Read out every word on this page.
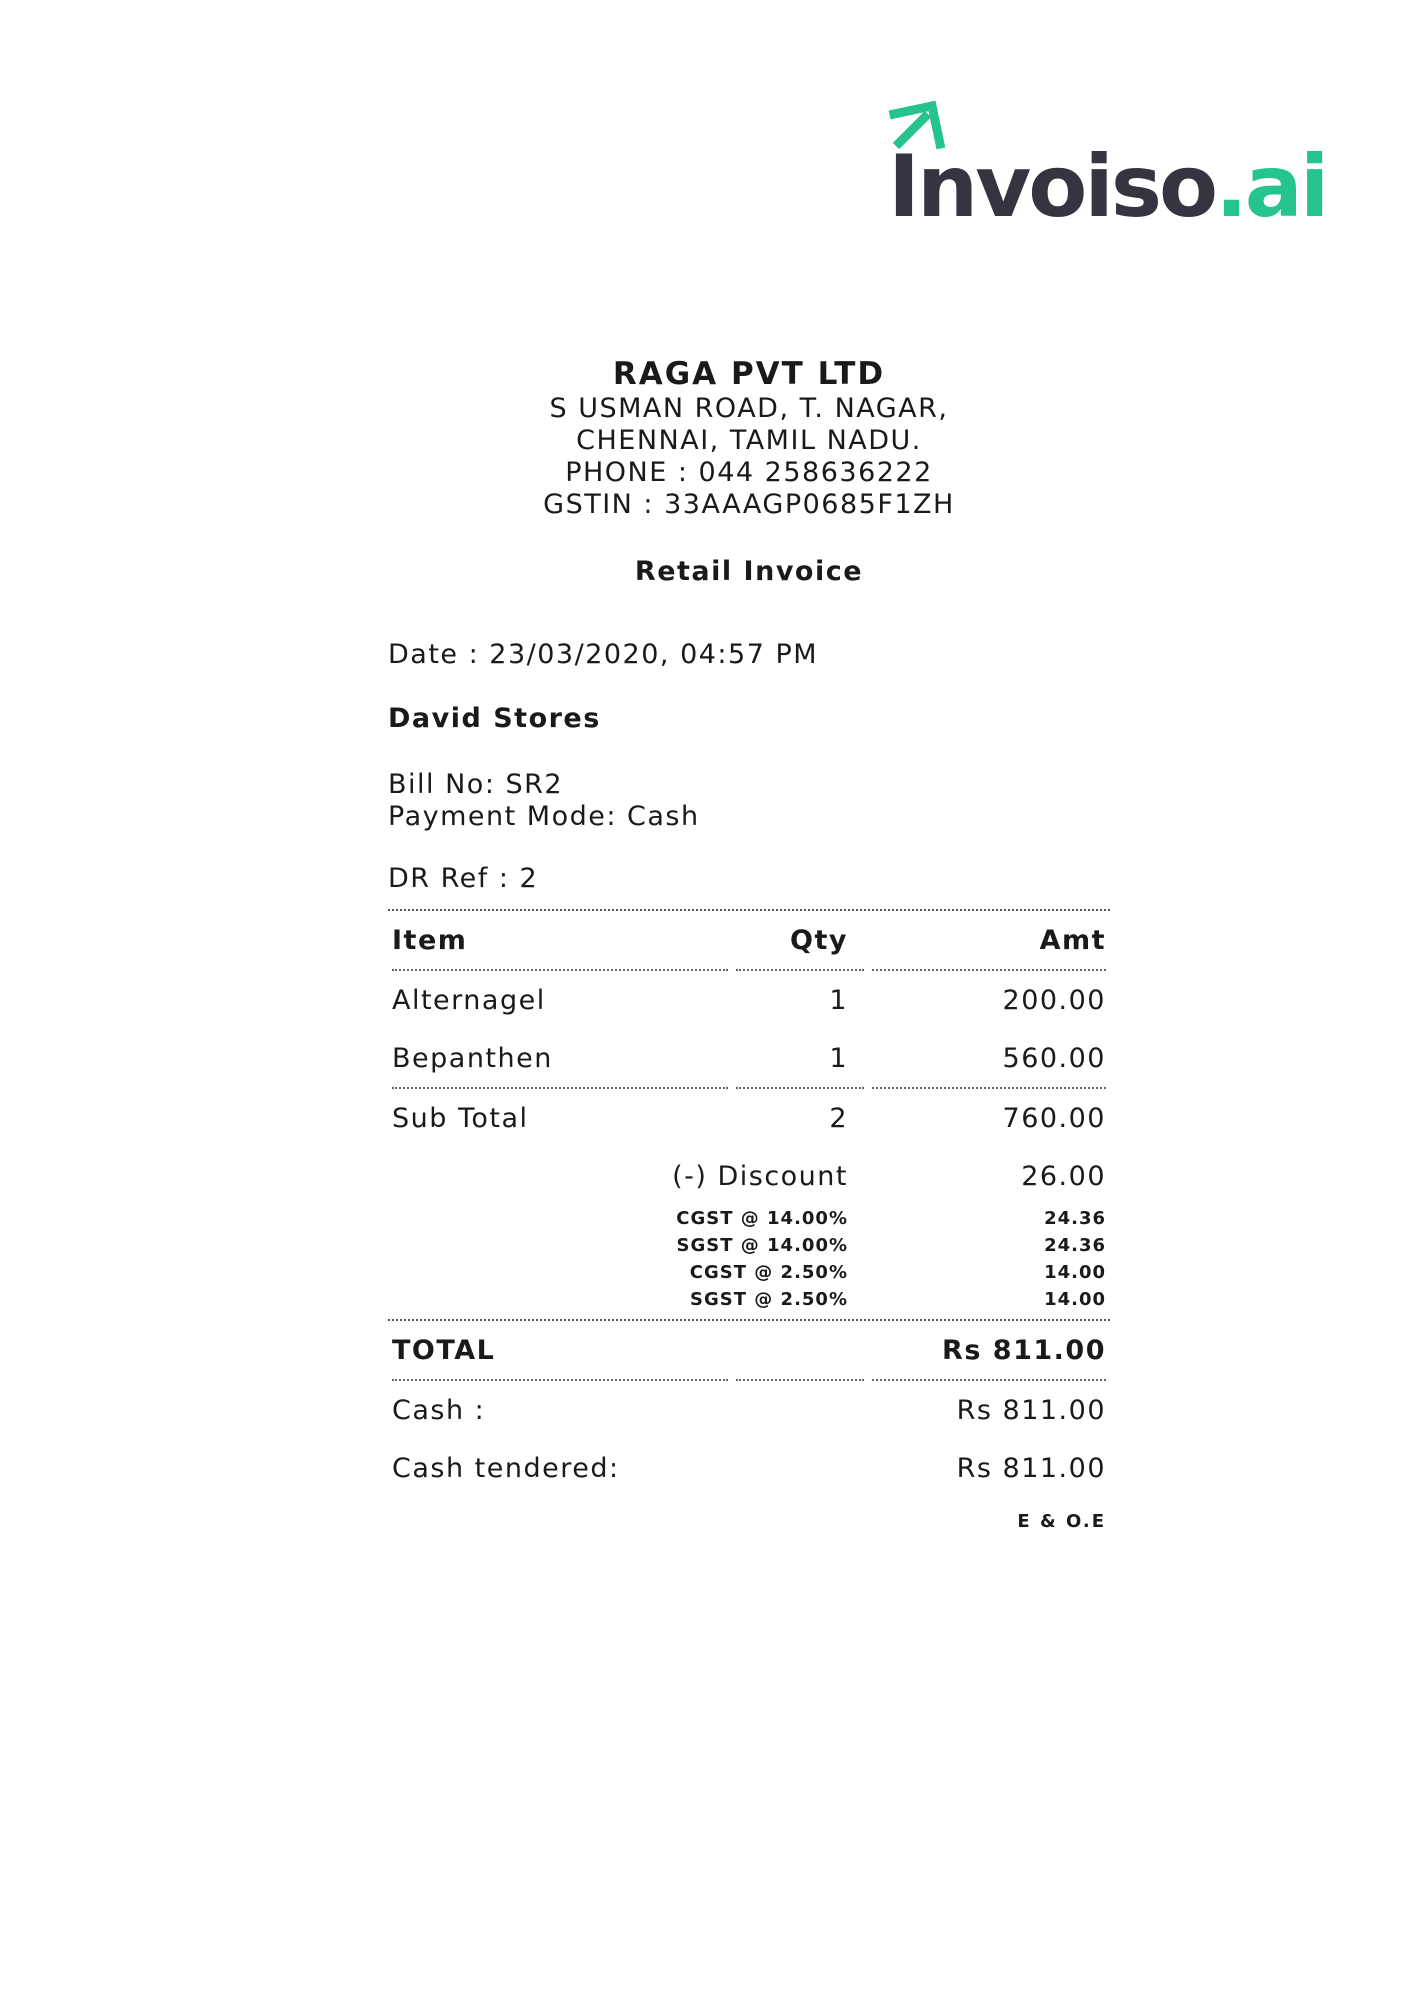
Invoiso.ai
RAGA PVT LTD
S USMAN ROAD, T. NAGAR,
CHENNAI, TAMIL NADU.
PHONE : 044 258636222
GSTIN : 33AAAGP0685F1ZH
Retail Invoice
Date : 23/03/2020, 04:57 PM
David Stores
Bill No: SR2
Payment Mode: Cash
DR Ref : 2
Item	Qty	Amt
Alternagel	1	200.00
Bepanthen	1	560.00
Sub Total	2	760.00
(-) Discount	26.00
CGST @ 14.00%	24.36
SGST @ 14.00%	24.36
CGST @ 2.50%	14.00
SGST @ 2.50%	14.00
TOTAL	Rs 811.00
Cash :	Rs 811.00
Cash tendered:	Rs 811.00
E & O.E
